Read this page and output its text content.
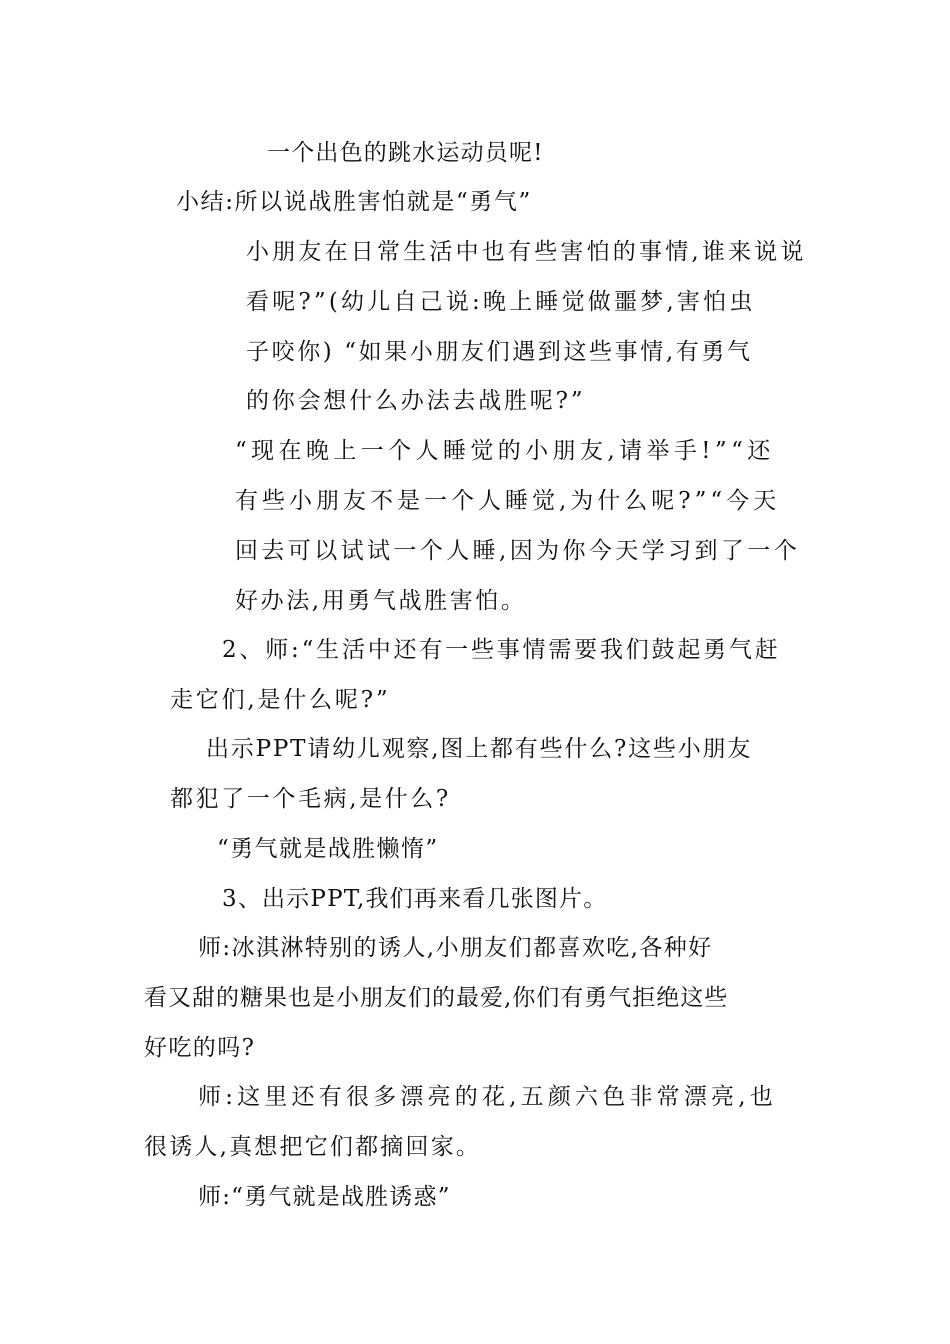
一个出色的跳水运动员呢!
小结:所以说战胜害怕就是“勇气”
小朋友在日常生活中也有些害怕的事情,谁来说说
看呢?”(幼儿自己说:晚上睡觉做噩梦,害怕虫
子咬你) “如果小朋友们遇到这些事情,有勇气
的你会想什么办法去战胜呢?”
“现在晚上一个人睡觉的小朋友,请举手!”“还
有些小朋友不是一个人睡觉,为什么呢?”“今天
回去可以试试一个人睡,因为你今天学习到了一个
好办法,用勇气战胜害怕。
2、师:“生活中还有一些事情需要我们鼓起勇气赶
走它们,是什么呢?”
出示PPT请幼儿观察,图上都有些什么?这些小朋友
都犯了一个毛病,是什么?
“勇气就是战胜懒惰”
3、出示PPT,我们再来看几张图片。
师:冰淇淋特别的诱人,小朋友们都喜欢吃,各种好
看又甜的糖果也是小朋友们的最爱,你们有勇气拒绝这些
好吃的吗?
师:这里还有很多漂亮的花,五颜六色非常漂亮,也
很诱人,真想把它们都摘回家。
师:“勇气就是战胜诱惑”
